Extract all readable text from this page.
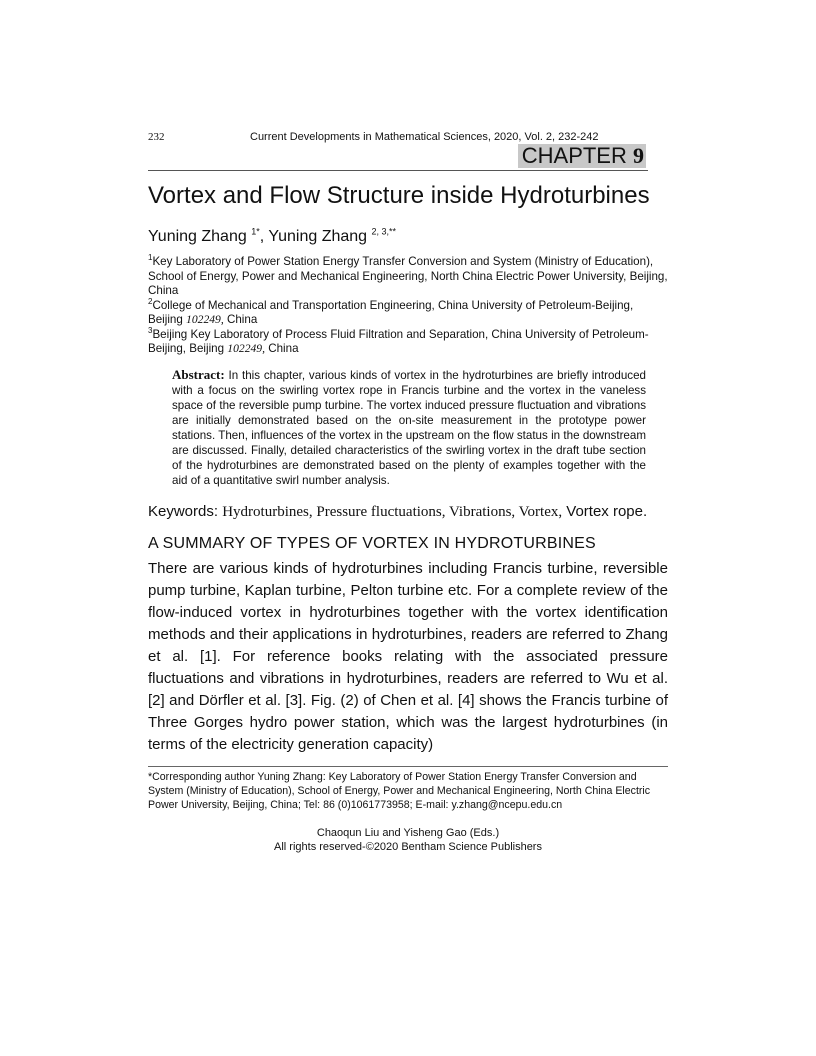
232	Current Developments in Mathematical Sciences, 2020, Vol. 2, 232-242
CHAPTER 9
Vortex and Flow Structure inside Hydroturbines
Yuning Zhang $^{1*}$, Yuning Zhang $^{2, 3,**}$
$^1$Key Laboratory of Power Station Energy Transfer Conversion and System (Ministry of Education), School of Energy, Power and Mechanical Engineering, North China Electric Power University, Beijing, China
$^2$College of Mechanical and Transportation Engineering, China University of Petroleum-Beijing, Beijing 102249, China
$^3$Beijing Key Laboratory of Process Fluid Filtration and Separation, China University of Petroleum-Beijing, Beijing 102249, China
Abstract: In this chapter, various kinds of vortex in the hydroturbines are briefly introduced with a focus on the swirling vortex rope in Francis turbine and the vortex in the vaneless space of the reversible pump turbine. The vortex induced pressure fluctuation and vibrations are initially demonstrated based on the on-site measurement in the prototype power stations. Then, influences of the vortex in the upstream on the flow status in the downstream are discussed. Finally, detailed characteristics of the swirling vortex in the draft tube section of the hydroturbines are demonstrated based on the plenty of examples together with the aid of a quantitative swirl number analysis.
Keywords: Hydroturbines, Pressure fluctuations, Vibrations, Vortex, Vortex rope.
A SUMMARY OF TYPES OF VORTEX IN HYDROTURBINES
There are various kinds of hydroturbines including Francis turbine, reversible pump turbine, Kaplan turbine, Pelton turbine etc. For a complete review of the flow-induced vortex in hydroturbines together with the vortex identification methods and their applications in hydroturbines, readers are referred to Zhang et al. [1]. For reference books relating with the associated pressure fluctuations and vibrations in hydroturbines, readers are referred to Wu et al. [2] and Dörfler et al. [3]. Fig. (2) of Chen et al. [4] shows the Francis turbine of Three Gorges hydro power station, which was the largest hydroturbines (in terms of the electricity generation capacity)
*Corresponding author Yuning Zhang: Key Laboratory of Power Station Energy Transfer Conversion and System (Ministry of Education), School of Energy, Power and Mechanical Engineering, North China Electric Power University, Beijing, China; Tel: 86 (0)1061773958; E-mail: y.zhang@ncepu.edu.cn
Chaoqun Liu and Yisheng Gao (Eds.)
All rights reserved-©2020 Bentham Science Publishers
